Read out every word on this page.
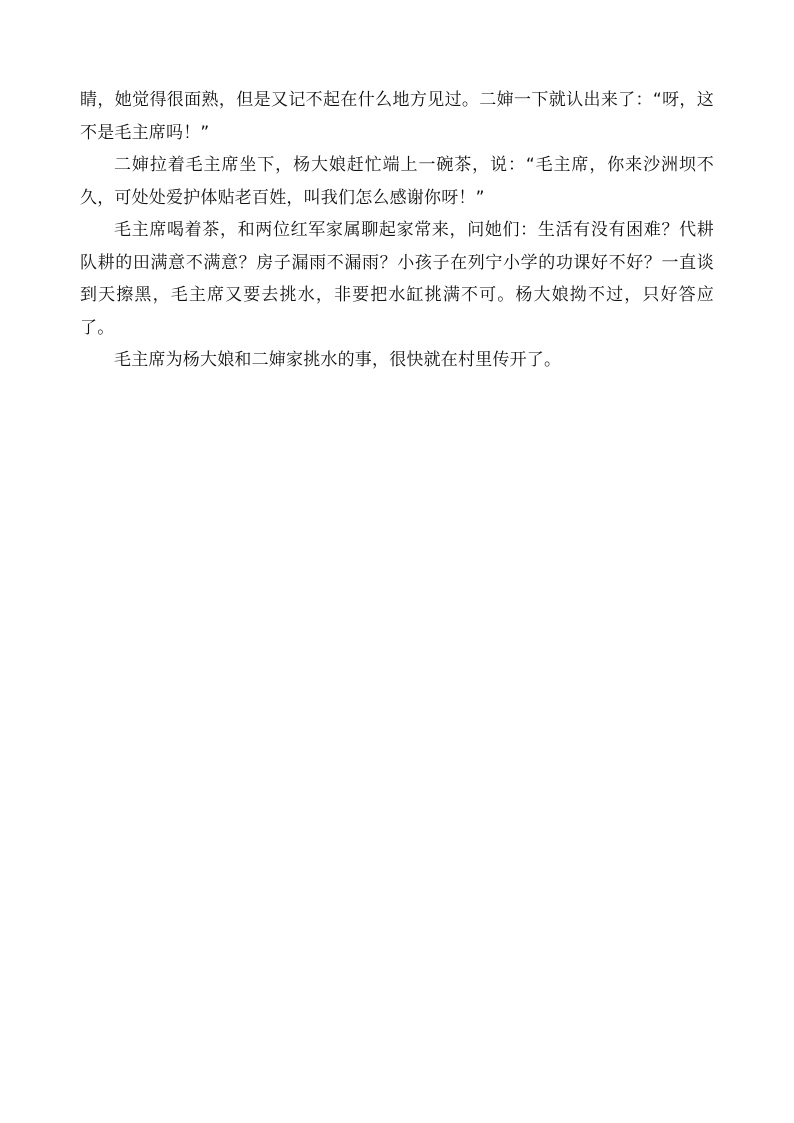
睛，她觉得很面熟，但是又记不起在什么地方见过。二婶一下就认出来了：“呀，这不是毛主席吗！”

二婶拉着毛主席坐下，杨大娘赶忙端上一碗茶，说：“毛主席，你来沙洲坝不久，可处处爱护体贴老百姓，叫我们怎么感谢你呀！”

毛主席喝着茶，和两位红军家属聊起家常来，问她们：生活有没有困难？代耕队耕的田满意不满意？房子漏雨不漏雨？小孩子在列宁小学的功课好不好？一直谈到天擦黑，毛主席又要去挑水，非要把水缸挑满不可。杨大娘拗不过，只好答应了。

毛主席为杨大娘和二婶家挑水的事，很快就在村里传开了。
